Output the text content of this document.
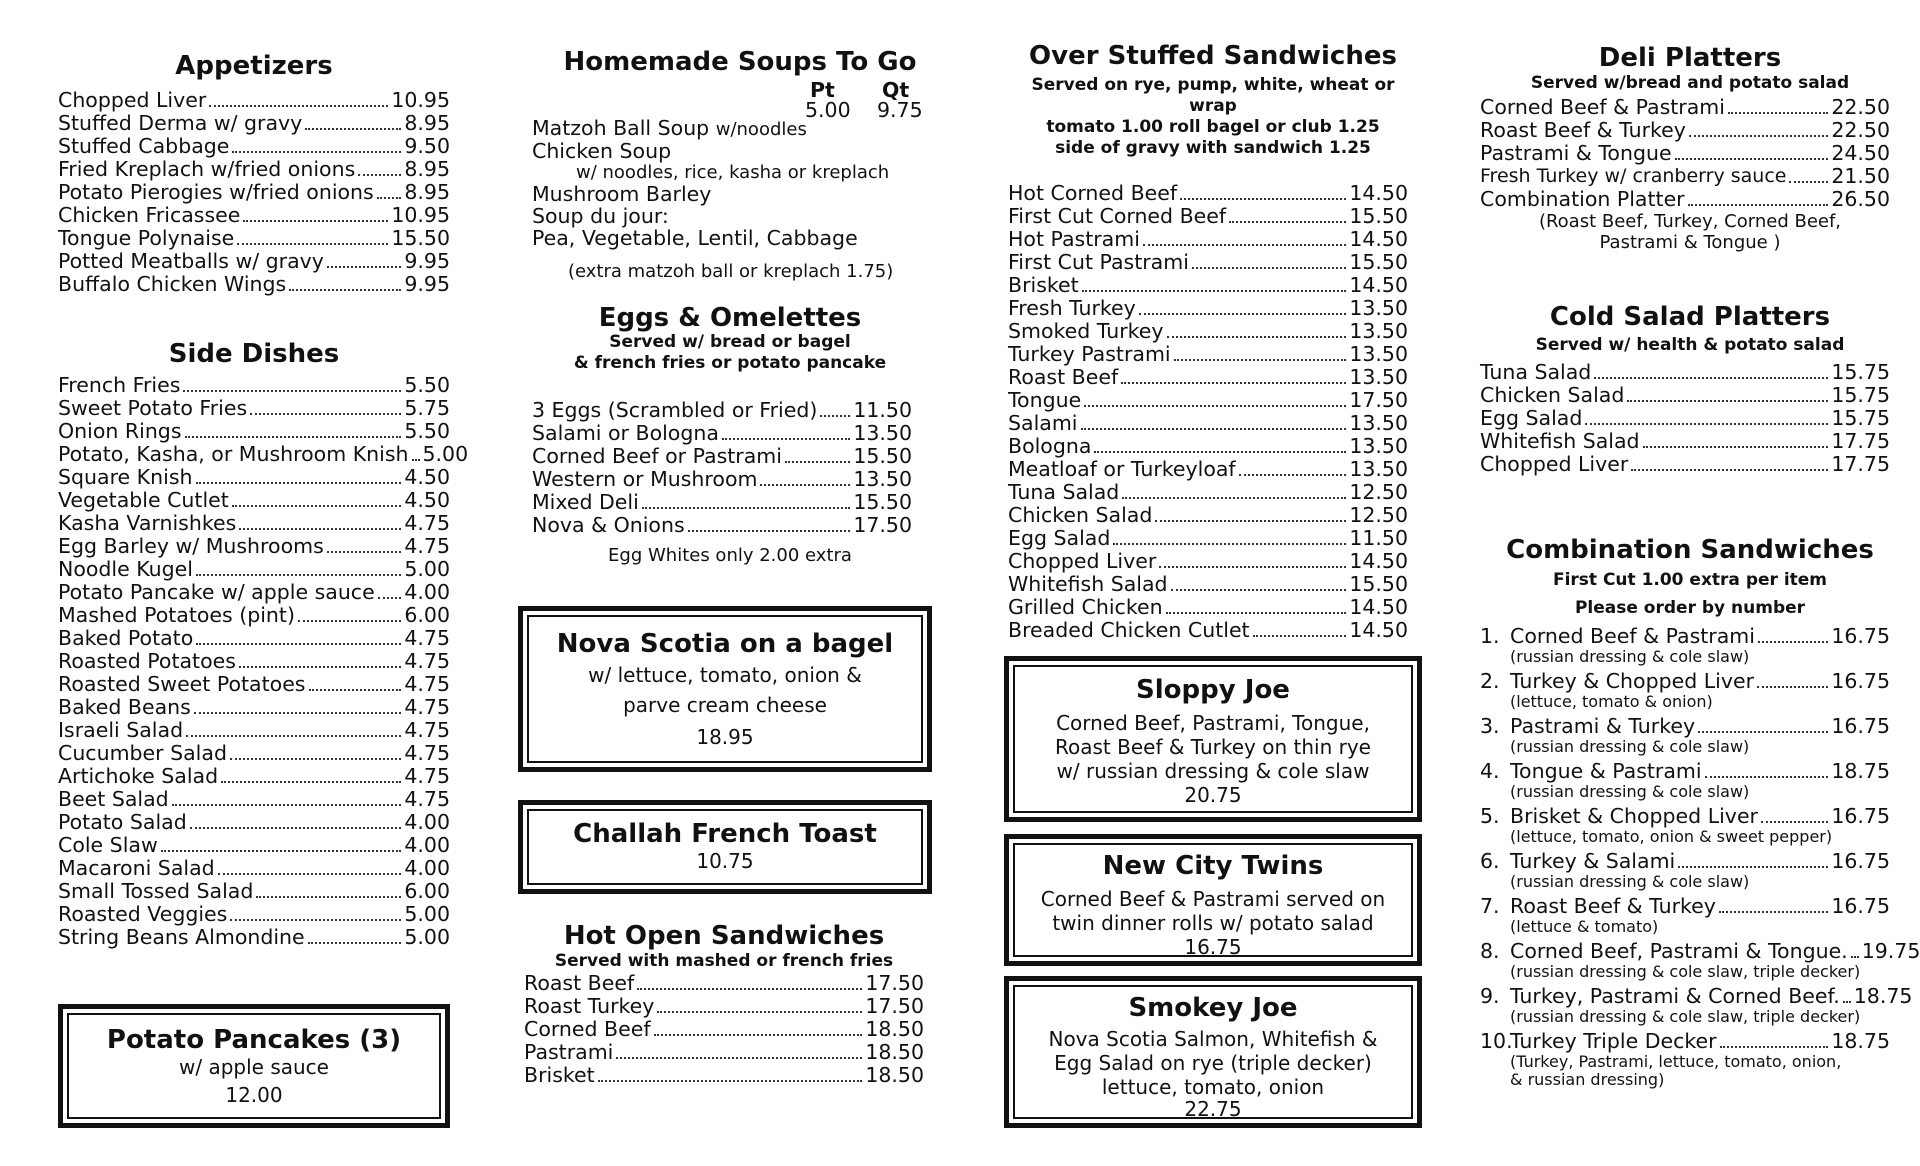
Appetizers
Chopped Liver	10.95
Stuffed Derma w/ gravy	8.95
Stuffed Cabbage	9.50
Fried Kreplach w/fried onions 8.95
Potato Pierogies w/fried onions 8.95
Chicken Fricassee	10.95
Tongue Polynaise	15.50
Potted Meatballs w/ gravy	9.95
Buffalo Chicken Wings	9.95
Side Dishes
French Fries	5.50
Sweet Potato Fries	5.75
Onion Rings	5.50
Potato, Kasha, or Mushroom Knish 5.00
Square Knish	4.50
Vegetable Cutlet	4.50
Kasha Varnishkes	4.75
Egg Barley w/ Mushrooms	4.75
Noodle Kugel	5.00
Potato Pancake w/ apple sauce 4.00
Mashed Potatoes (pint)	6.00
Baked Potato	4.75
Roasted Potatoes	4.75
Roasted Sweet Potatoes	4.75
Baked Beans	4.75
Israeli Salad	4.75
Cucumber Salad	4.75
Artichoke Salad	4.75
Beet Salad	4.75
Potato Salad	4.00
Cole Slaw	4.00
Macaroni Salad	4.00
Small Tossed Salad	6.00
Roasted Veggies	5.00
String Beans Almondine	5.00
Potato Pancakes (3)
w/ apple sauce
12.00
Homemade Soups To Go
Pt Qt
5.00 9.75
Matzoh Ball Soup w/noodles
Chicken Soup
w/ noodles, rice, kasha or kreplach
Mushroom Barley
Soup du jour:
Pea, Vegetable, Lentil, Cabbage
(extra matzoh ball or kreplach 1.75)
Eggs & Omelettes
Served w/ bread or bagel
& french fries or potato pancake
3 Eggs (Scrambled or Fried) 11.50
Salami or Bologna	13.50
Corned Beef or Pastrami	15.50
Western or Mushroom	13.50
Mixed Deli	15.50
Nova & Onions	17.50
Egg Whites only 2.00 extra
Nova Scotia on a bagel
w/ lettuce, tomato, onion &
parve cream cheese
18.95
Challah French Toast
10.75
Hot Open Sandwiches
Served with mashed or french fries
Roast Beef	17.50
Roast Turkey	17.50
Corned Beef	18.50
Pastrami	18.50
Brisket	18.50
Over Stuffed Sandwiches
Served on rye, pump, white, wheat or wrap
tomato 1.00 roll bagel or club 1.25
side of gravy with sandwich 1.25
Hot Corned Beef	14.50
First Cut Corned Beef	15.50
Hot Pastrami	14.50
First Cut Pastrami	15.50
Brisket	14.50
Fresh Turkey	13.50
Smoked Turkey	13.50
Turkey Pastrami	13.50
Roast Beef	13.50
Tongue	17.50
Salami	13.50
Bologna	13.50
Meatloaf or Turkeyloaf	13.50
Tuna Salad	12.50
Chicken Salad	12.50
Egg Salad	11.50
Chopped Liver	14.50
Whitefish Salad	15.50
Grilled Chicken	14.50
Breaded Chicken Cutlet	14.50
Sloppy Joe
Corned Beef, Pastrami, Tongue,
Roast Beef & Turkey on thin rye
w/ russian dressing & cole slaw
20.75
New City Twins
Corned Beef & Pastrami served on
twin dinner rolls w/ potato salad
16.75
Smokey Joe
Nova Scotia Salmon, Whitefish &
Egg Salad on rye (triple decker)
lettuce, tomato, onion
22.75
Deli Platters
Served w/bread and potato salad
Corned Beef & Pastrami	22.50
Roast Beef & Turkey	22.50
Pastrami & Tongue	24.50
Fresh Turkey w/ cranberry sauce 21.50
Combination Platter	26.50
(Roast Beef, Turkey, Corned Beef,
Pastrami & Tongue )
Cold Salad Platters
Served w/ health & potato salad
Tuna Salad	15.75
Chicken Salad	15.75
Egg Salad	15.75
Whitefish Salad	17.75
Chopped Liver	17.75
Combination Sandwiches
First Cut 1.00 extra per item
Please order by number
1. Corned Beef & Pastrami	16.75
(russian dressing & cole slaw)
2. Turkey & Chopped Liver	16.75
(lettuce, tomato & onion)
3. Pastrami & Turkey	16.75
(russian dressing & cole slaw)
4. Tongue & Pastrami	18.75
(russian dressing & cole slaw)
5. Brisket & Chopped Liver	16.75
(lettuce, tomato, onion & sweet pepper)
6. Turkey & Salami	16.75
(russian dressing & cole slaw)
7. Roast Beef & Turkey	16.75
(lettuce & tomato)
8. Corned Beef, Pastrami & Tongue. 19.75
(russian dressing & cole slaw, triple decker)
9. Turkey, Pastrami & Corned Beef. 18.75
(russian dressing & cole slaw, triple decker)
10.Turkey Triple Decker	18.75
(Turkey, Pastrami, lettuce, tomato, onion, & russian dressing)
